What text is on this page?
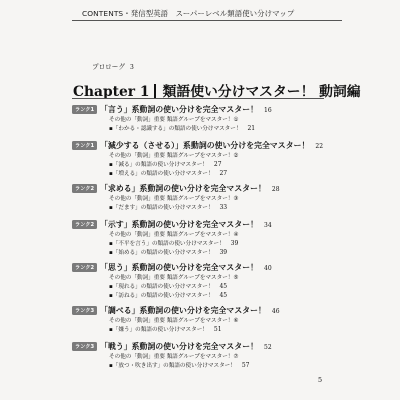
CONTENTS・発信型英語　スーパーレベル類語使い分けマップ
プロローグ 3
Chapter 1 類語使い分けマスター！ 動詞編
ランク1 「言う」系動詞の使い分けを完全マスター！ 16
その他の「動詞」重要 類語グループをマスター！①
▪「わかる・認識する」の類語の使い分けマスター！ 21
ランク1 「減少する（させる）」系動詞の使い分けを完全マスター！ 22
その他の「動詞」重要 類語グループをマスター！②
▪「減る」の類語の使い分けマスター！ 27
▪「増える」の類語の使い分けマスター！ 27
ランク2 「求める」系動詞の使い分けを完全マスター！ 28
その他の「動詞」重要 類語グループをマスター！③
▪「だます」の類語の使い分けマスター！ 33
ランク2 「示す」系動詞の使い分けを完全マスター！ 34
その他の「動詞」重要 類語グループをマスター！④
▪「不平を言う」の類語の使い分けマスター！ 39
▪「始める」の類語の使い分けマスター！ 39
ランク2 「思う」系動詞の使い分けを完全マスター！ 40
その他の「動詞」重要 類語グループをマスター！⑤
▪「現れる」の類語の使い分けマスター！ 45
▪「訪ねる」の類語の使い分けマスター！ 45
ランク3 「調べる」系動詞の使い分けを完全マスター！ 46
その他の「動詞」重要 類語グループをマスター！⑥
▪「嫌う」の類語の使い分けマスター！ 51
ランク3 「戦う」系動詞の使い分けを完全マスター！ 52
その他の「動詞」重要 類語グループをマスター！⑦
▪「放つ・吹き出す」の類語の使い分けマスター！ 57
5
